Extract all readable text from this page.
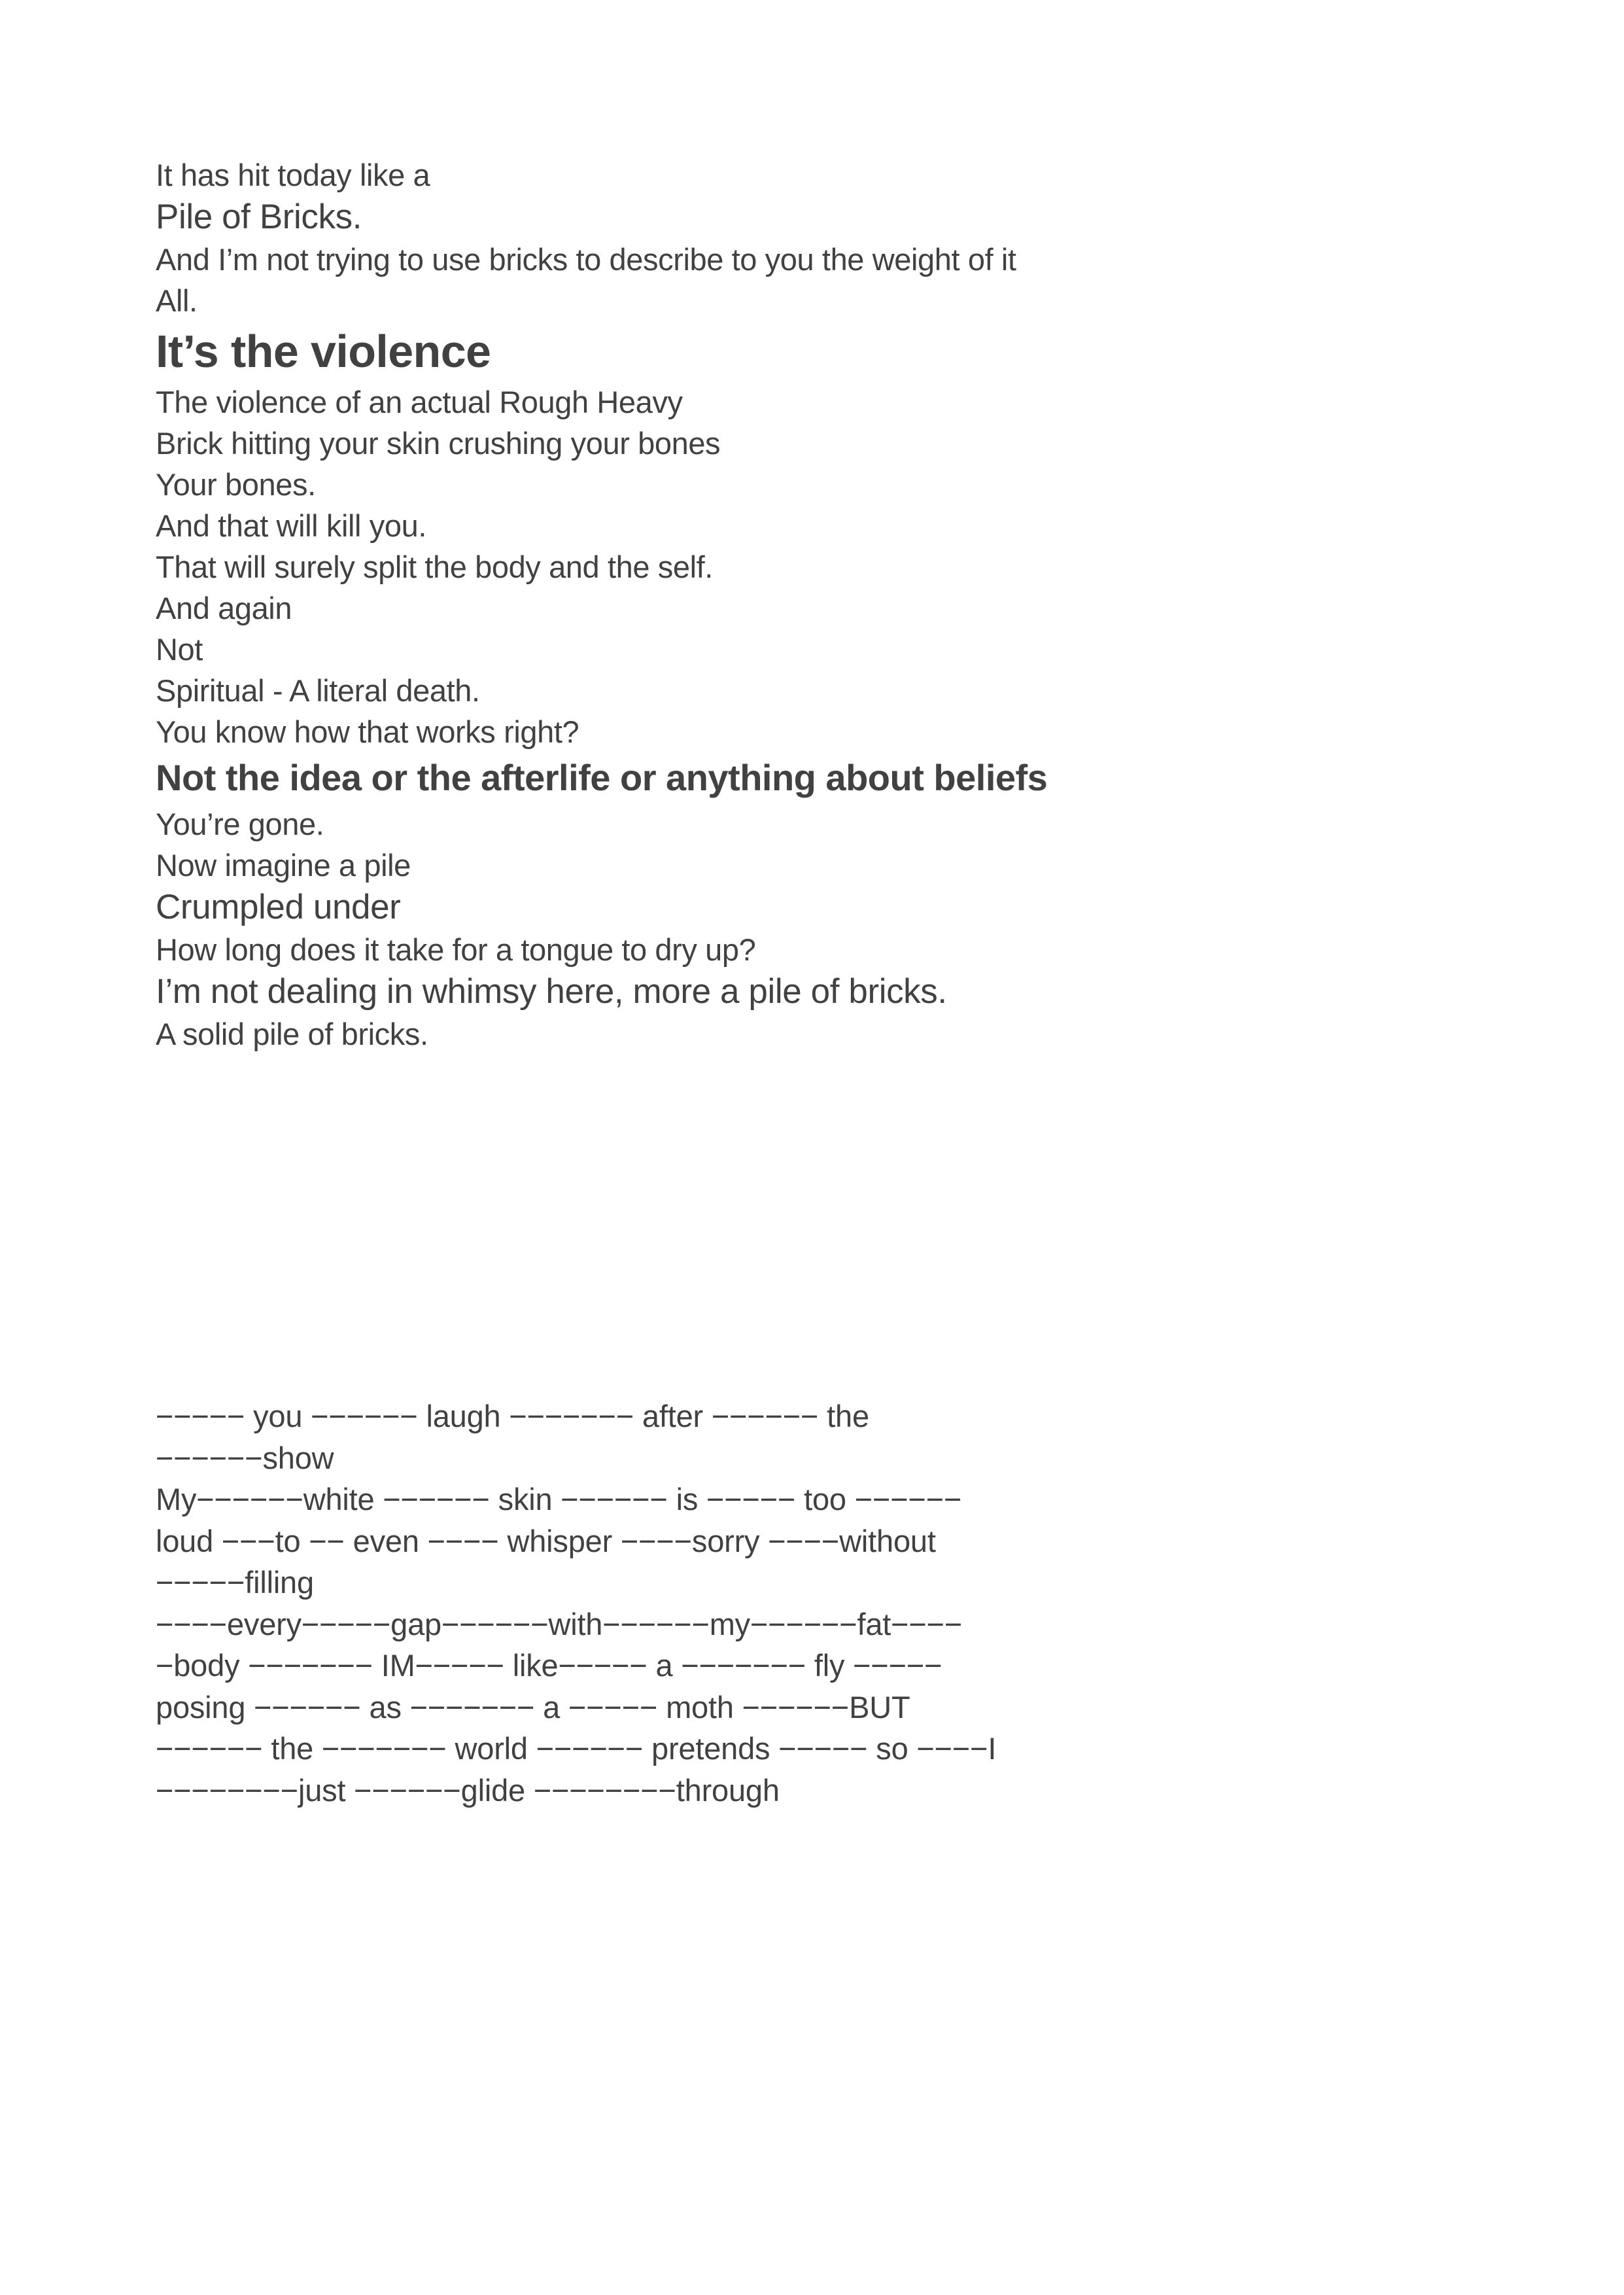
It has hit today like a
Pile of Bricks.
And I’m not trying to use bricks to describe to you the weight of it
All.
It’s the violence
The violence of an actual Rough Heavy
Brick hitting your skin crushing your bones
Your bones.
And that will kill you.
That will surely split the body and the self.
And again
Not
Spiritual - A literal death.
You know how that works right?
Not the idea or the afterlife or anything about beliefs
You’re gone.
Now imagine a pile
Crumpled under
How long does it take for a tongue to dry up?
I’m not dealing in whimsy here, more a pile of bricks.
A solid pile of bricks.
−−−−− you −−−−−− laugh −−−−−−− after −−−−−− the
−−−−−−show
My−−−−−−white −−−−−− skin −−−−−− is −−−−− too −−−−−−
loud −−−to −− even −−−− whisper −−−−sorry −−−−without
−−−−−filling
−−−−every−−−−−gap−−−−−−with−−−−−−my−−−−−−fat−−−−
−body −−−−−−− IM−−−−− like−−−−− a −−−−−−− fly −−−−−
posing −−−−−− as −−−−−−− a −−−−− moth −−−−−−BUT
−−−−−− the −−−−−−− world −−−−−− pretends −−−−− so −−−−I
−−−−−−−−just −−−−−−glide −−−−−−−−through
